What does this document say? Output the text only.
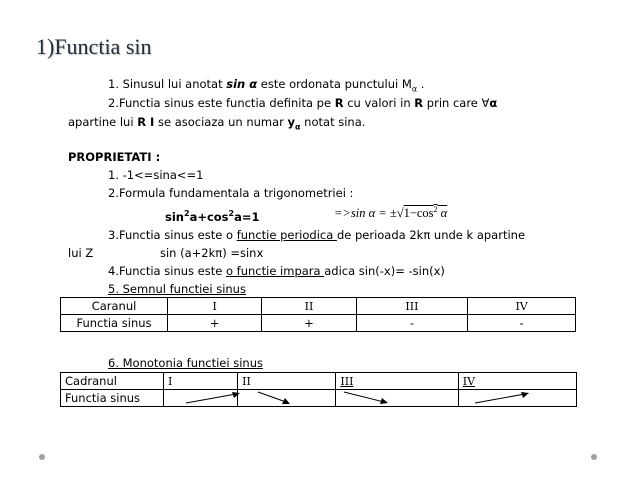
1)Functia sin
1. Sinusul lui anotat sin α este ordonata punctului $M_\alpha$ .
2.Functia sinus este functia definita pe R cu valori in R prin care ∀α
apartine lui R I se asociaza un numar $y_\alpha$ notat sina.
PROPRIETATI :
1. -1<=sina<=1
2.Formula fundamentala a trigonometriei :
$\sin^2a+\cos^2a=1$	=>sin $\alpha = \pm√1-\cos^2$ α
3.Functia sinus este o functie periodica de perioada 2kπ unde k apartine
lui Z	sin (a+2kπ) =sinx
4.Functia sinus este o functie impara adica sin(-x)= -sin(x)
5. Semnul functiei sinus
Caranul	I	II	III	IV
Functia sinus	+	+	-	-
6. Monotonia functiei sinus
Cadranul	I	II	III	IV
Functia sinus	
